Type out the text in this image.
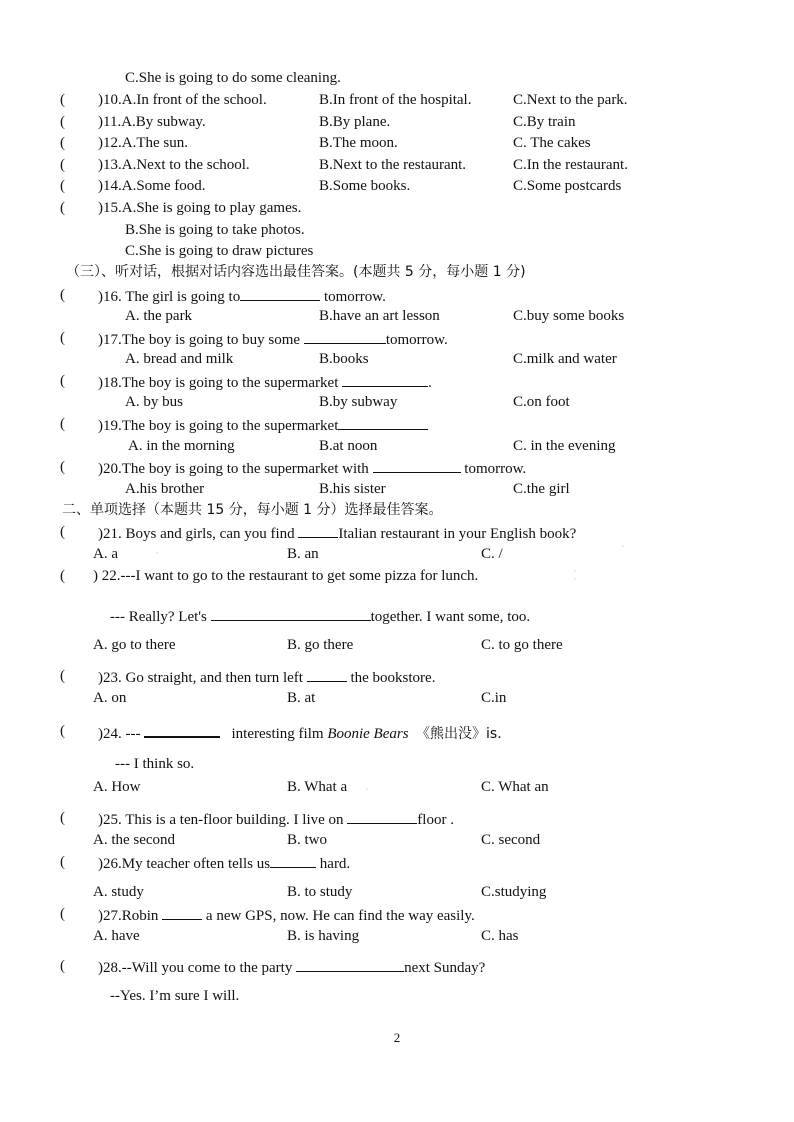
C.She is going to do some cleaning.
( )10.A.In front of the school.	B.In front of the hospital.	C.Next to the park.
( )11.A.By subway.	B.By plane.	C.By train
( )12.A.The sun.	B.The moon.	C. The cakes
( )13.A.Next to the school.	B.Next to the restaurant.	C.In the restaurant.
( )14.A.Some food.	B.Some books.	C.Some postcards
( )15.A.She is going to play games.
B.She is going to take photos.
C.She is going to draw pictures
（三）、听对话，根据对话内容选出最佳答案。(本题共 5 分，每小题 1 分)
( )16. The girl is going to	tomorrow.
A. the park	B.have an art lesson	C.buy some books
( )17.The boy is going to buy some	tomorrow.
A. bread and milk	B.books	C.milk and water
( )18.The boy is going to the supermarket	.
A. by bus	B.by subway	C.on foot
( )19.The boy is going to the supermarket
A. in the morning	B.at noon	C. in the evening
( )20.The boy is going to the supermarket with	tomorrow.
A.his brother	B.his sister	C.the girl
二、单项选择（本题共 15 分，每小题 1 分）选择最佳答案。
( )21. Boys and girls, can you find	Italian restaurant in your English book?
A. a	B. an	C. /
( ) 22.---I want to go to the restaurant to get some pizza for lunch.
--- Really? Let's	together. I want some, too.
A. go to there	B. go there	C. to go there
( )23. Go straight, and then turn left	the bookstore.
A. on	B. at	C.in
( )24. ---	interesting film Boonie Bears 《熊出没》is.
--- I think so.
A. How	B. What a	C. What an
( )25. This is a ten-floor building. I live on	floor .
A. the second	B. two	C. second
( )26.My teacher often tells us	hard.
A. study	B. to study	C.studying
( )27.Robin	a new GPS, now. He can find the way easily.
A. have	B. is having	C. has
( )28.--Will you come to the party	next Sunday?
--Yes. I’m sure I will.
2
